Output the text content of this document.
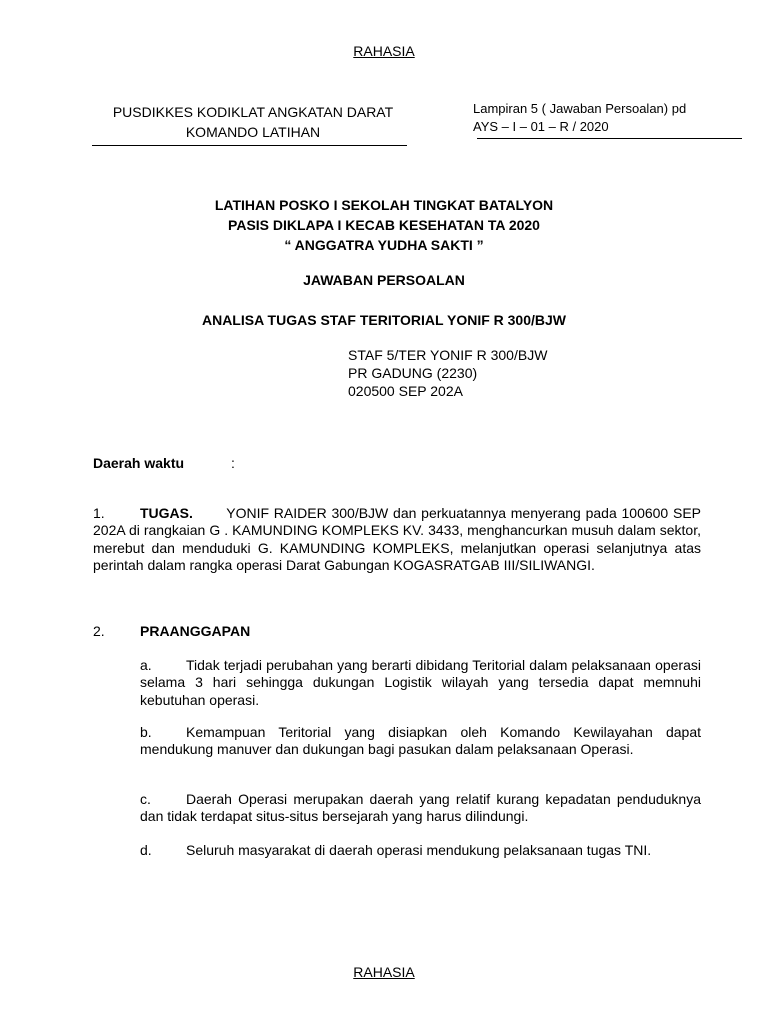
RAHASIA
PUSDIKKES KODIKLAT ANGKATAN DARAT
KOMANDO LATIHAN
Lampiran 5 ( Jawaban Persoalan) pd
AYS – I – 01 – R / 2020
LATIHAN POSKO I SEKOLAH TINGKAT BATALYON
PASIS DIKLAPA I KECAB KESEHATAN TA 2020
“ ANGGATRA YUDHA SAKTI ”
JAWABAN PERSOALAN
ANALISA TUGAS STAF TERITORIAL YONIF R 300/BJW
STAF 5/TER YONIF R 300/BJW
PR GADUNG (2230)
020500 SEP 202A
Daerah waktu	:
1.	TUGAS. YONIF RAIDER 300/BJW dan perkuatannya menyerang pada 100600 SEP 202A di rangkaian G . KAMUNDING KOMPLEKS KV. 3433, menghancurkan musuh dalam sektor, merebut dan menduduki G. KAMUNDING KOMPLEKS, melanjutkan operasi selanjutnya atas perintah dalam rangka operasi Darat Gabungan KOGASRATGAB III/SILIWANGI.
2.	PRAANGGAPAN
a. Tidak terjadi perubahan yang berarti dibidang Teritorial dalam pelaksanaan operasi selama 3 hari sehingga dukungan Logistik wilayah yang tersedia dapat memnuhi kebutuhan operasi.
b. Kemampuan Teritorial yang disiapkan oleh Komando Kewilayahan dapat mendukung manuver dan dukungan bagi pasukan dalam pelaksanaan Operasi.
c.	Daerah Operasi merupakan daerah yang relatif kurang kepadatan penduduknya dan tidak terdapat situs-situs bersejarah yang harus dilindungi.
d. Seluruh masyarakat di daerah operasi mendukung pelaksanaan tugas TNI.
RAHASIA
